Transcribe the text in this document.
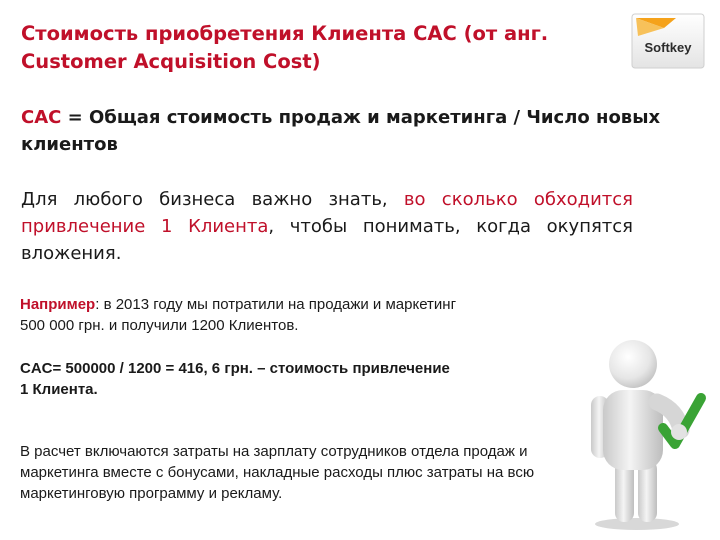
Стоимость приобретения Клиента CAC (от анг.
Customer Acquisition Cost)
Softkey
CAC = Общая стоимость продаж и маркетинга / Число новых клиентов
Для любого бизнеса важно знать, во сколько обходится привлечение 1 Клиента, чтобы понимать, когда окупятся вложения.
Например: в 2013 году мы потратили на продажи и маркетинг 500 000 грн. и получили 1200 Клиентов.
CAC= 500000 / 1200 = 416, 6 грн. – стоимость привлечение
1 Клиента.
В расчет включаются затраты на зарплату сотрудников отдела продаж и маркетинга вместе с бонусами, накладные расходы плюс затраты на всю маркетинговую программу и рекламу.
